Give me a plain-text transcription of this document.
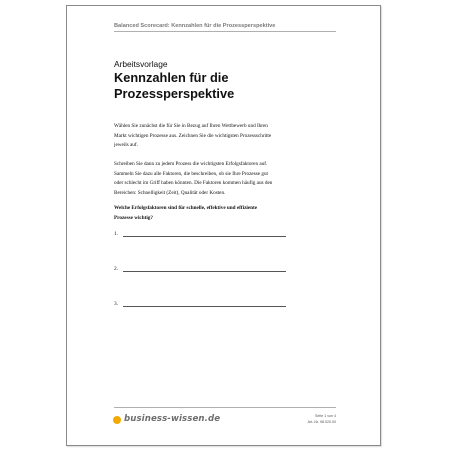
Balanced Scorecard: Kennzahlen für die Prozessperspektive
Arbeitsvorlage
Kennzahlen für die
Prozessperspektive
Wählen Sie zunächst die für Sie in Bezug auf Ihren Wettbewerb und Ihren
Markt wichtigen Prozesse aus. Zeichnen Sie die wichtigsten Prozessschritte
jeweils auf.
Schreiben Sie dann zu jedem Prozess die wichtigsten Erfolgsfaktoren auf.
Sammeln Sie dazu alle Faktoren, die beschreiben, ob sie Ihre Prozesse gut
oder schlecht im Griff haben könnten. Die Faktoren kommen häufig aus den
Bereichen: Schnelligkeit (Zeit), Qualität oder Kosten.
Welche Erfolgsfaktoren sind für schnelle, effektive und effiziente
Prozesse wichtig?
1.
2.
3.
business-wissen.de	Seite 1 von 4
Art.-Nr. 98.020.00
